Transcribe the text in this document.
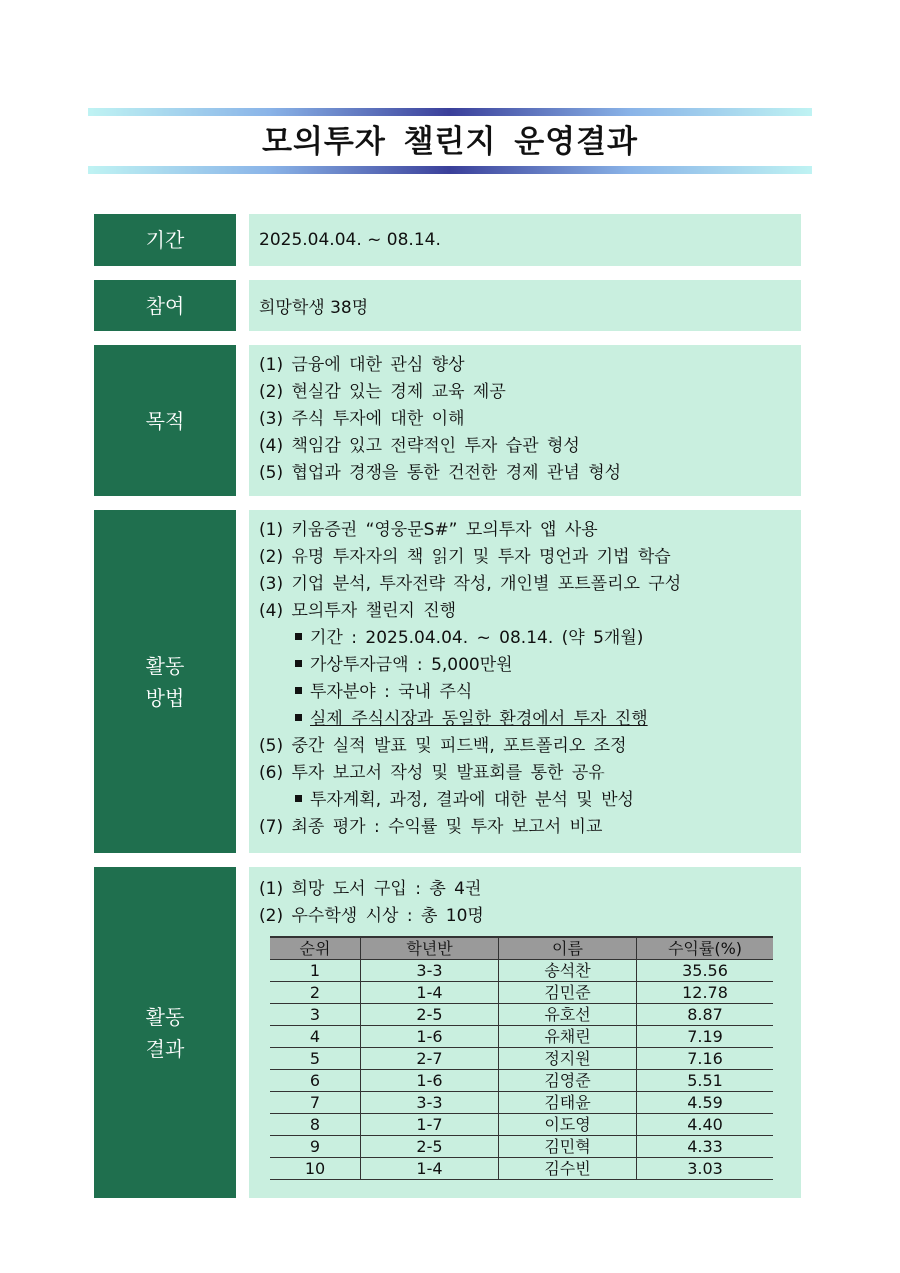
모의투자 챌린지 운영결과
기간	2025.04.04. ~ 08.14.
참여	희망학생 38명
목적
(1) 금융에 대한 관심 향상
(2) 현실감 있는 경제 교육 제공
(3) 주식 투자에 대한 이해
(4) 책임감 있고 전략적인 투자 습관 형성
(5) 협업과 경쟁을 통한 건전한 경제 관념 형성
활동
방법
(1) 키움증권 “영웅문S#” 모의투자 앱 사용
(2) 유명 투자자의 책 읽기 및 투자 명언과 기법 학습
(3) 기업 분석, 투자전략 작성, 개인별 포트폴리오 구성
(4) 모의투자 챌린지 진행
기간 : 2025.04.04. ~ 08.14. (약 5개월)
가상투자금액 : 5,000만원
투자분야 : 국내 주식
실제 주식시장과 동일한 환경에서 투자 진행
(5) 중간 실적 발표 및 피드백, 포트폴리오 조정
(6) 투자 보고서 작성 및 발표회를 통한 공유
투자계획, 과정, 결과에 대한 분석 및 반성
(7) 최종 평가 : 수익률 및 투자 보고서 비교
활동
결과
(1) 희망 도서 구입 : 총 4권
(2) 우수학생 시상 : 총 10명
순위	학년반	이름	수익률(%)
1	3-3	송석찬	35.56
2	1-4	김민준	12.78
3	2-5	유호선	8.87
4	1-6	유채린	7.19
5	2-7	정지원	7.16
6	1-6	김영준	5.51
7	3-3	김태윤	4.59
8	1-7	이도영	4.40
9	2-5	김민혁	4.33
10	1-4	김수빈	3.03
